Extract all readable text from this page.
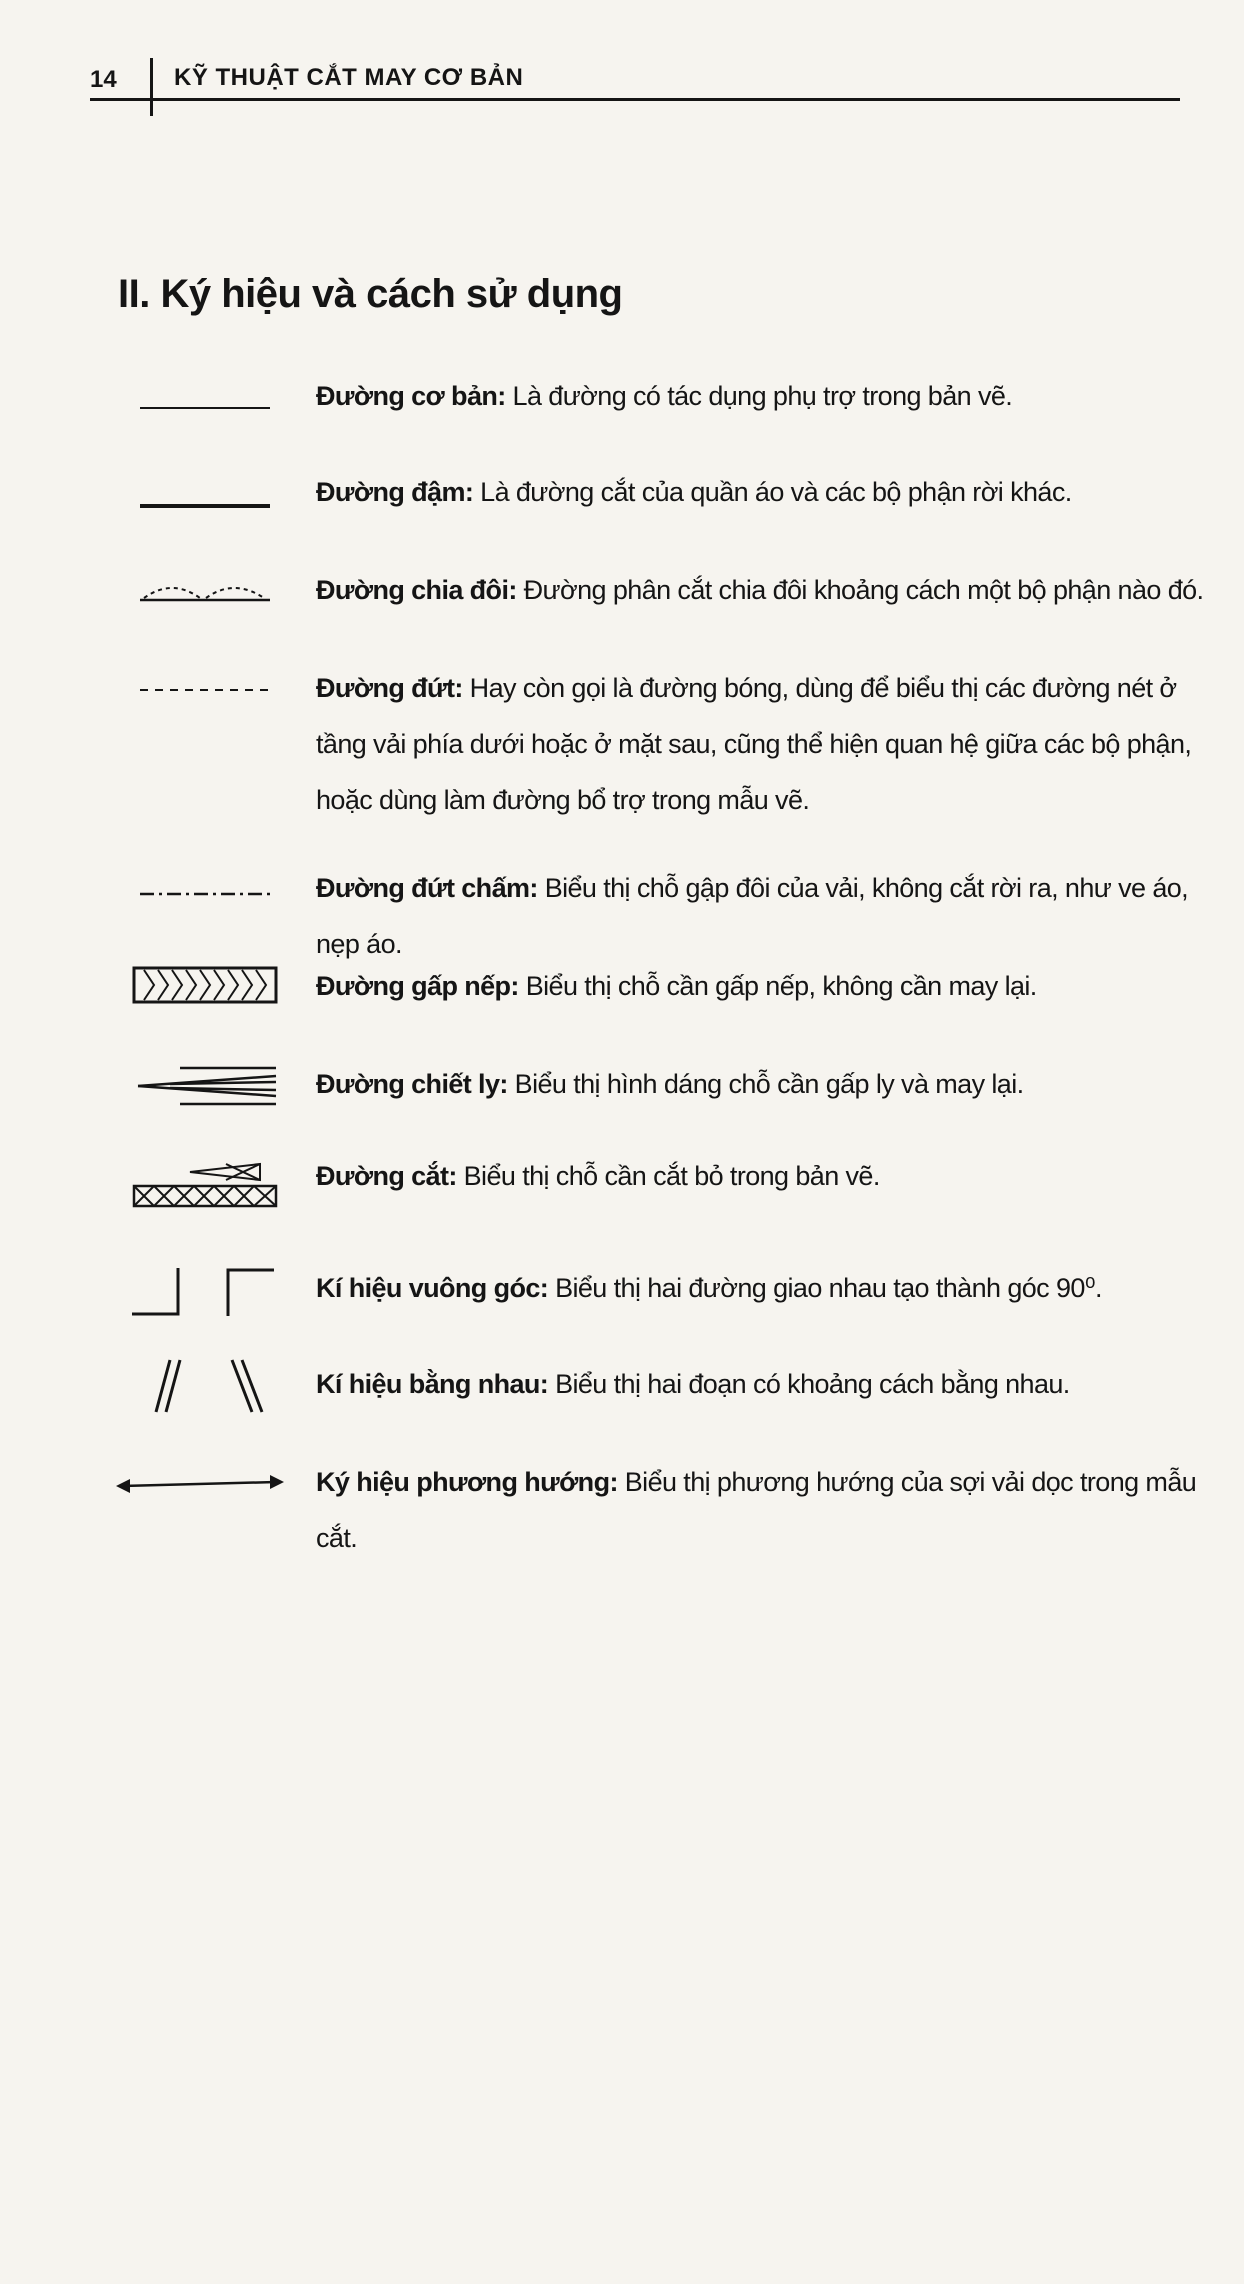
14 KỸ THUẬT CẮT MAY CƠ BẢN
II. Ký hiệu và cách sử dụng
Đường cơ bản: Là đường có tác dụng phụ trợ trong bản vẽ.
Đường đậm: Là đường cắt của quần áo và các bộ phận rời khác.
Đường chia đôi: Đường phân cắt chia đôi khoảng cách một bộ phận nào đó.
Đường đứt: Hay còn gọi là đường bóng, dùng để biểu thị các đường nét ở tầng vải phía dưới hoặc ở mặt sau, cũng thể hiện quan hệ giữa các bộ phận, hoặc dùng làm đường bổ trợ trong mẫu vẽ.
Đường đứt chấm: Biểu thị chỗ gập đôi của vải, không cắt rời ra, như ve áo, nẹp áo.
Đường gấp nếp: Biểu thị chỗ cần gấp nếp, không cần may lại.
Đường chiết ly: Biểu thị hình dáng chỗ cần gấp ly và may lại.
Đường cắt: Biểu thị chỗ cần cắt bỏ trong bản vẽ.
Kí hiệu vuông góc: Biểu thị hai đường giao nhau tạo thành góc 90⁰.
Kí hiệu bằng nhau: Biểu thị hai đoạn có khoảng cách bằng nhau.
Ký hiệu phương hướng: Biểu thị phương hướng của sợi vải dọc trong mẫu cắt.
